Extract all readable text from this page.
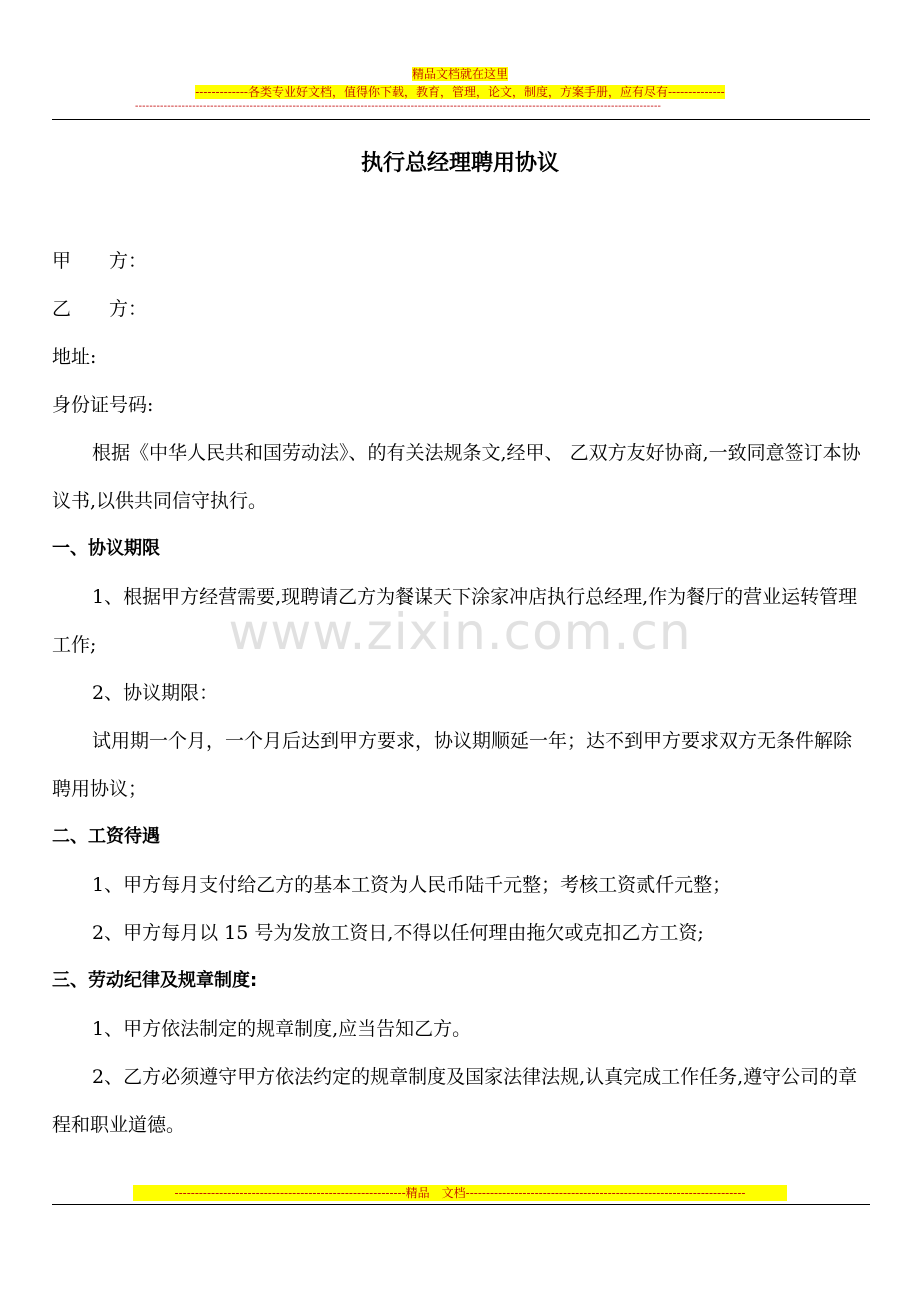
精品文档就在这里
-------------各类专业好文档，值得你下载，教育，管理，论文，制度，方案手册，应有尽有--------------
---------------------------------------------------------------------------------------------------------------------------------------------------
执行总经理聘用协议
www.zixin.com.cn

甲　　方：

乙　　方：

地址:

身份证号码:

根据《中华人民共和国劳动法》、的有关法规条文,经甲、 乙双方友好协商,一致同意签订本协议书,以供共同信守执行。

一、协议期限

1、根据甲方经营需要,现聘请乙方为餐谋天下涂家冲店执行总经理,作为餐厅的营业运转管理工作;

2、协议期限：

试用期一个月，一个月后达到甲方要求，协议期顺延一年；达不到甲方要求双方无条件解除聘用协议；

二、工资待遇

1、甲方每月支付给乙方的基本工资为人民币陆千元整；考核工资贰仟元整；

2、甲方每月以 15 号为发放工资日,不得以任何理由拖欠或克扣乙方工资;

三、劳动纪律及规章制度:

1、甲方依法制定的规章制度,应当告知乙方。

2、乙方必须遵守甲方依法约定的规章制度及国家法律法规,认真完成工作任务,遵守公司的章程和职业道德。

---------------------------------------------------------精品　文档---------------------------------------------------------------------
